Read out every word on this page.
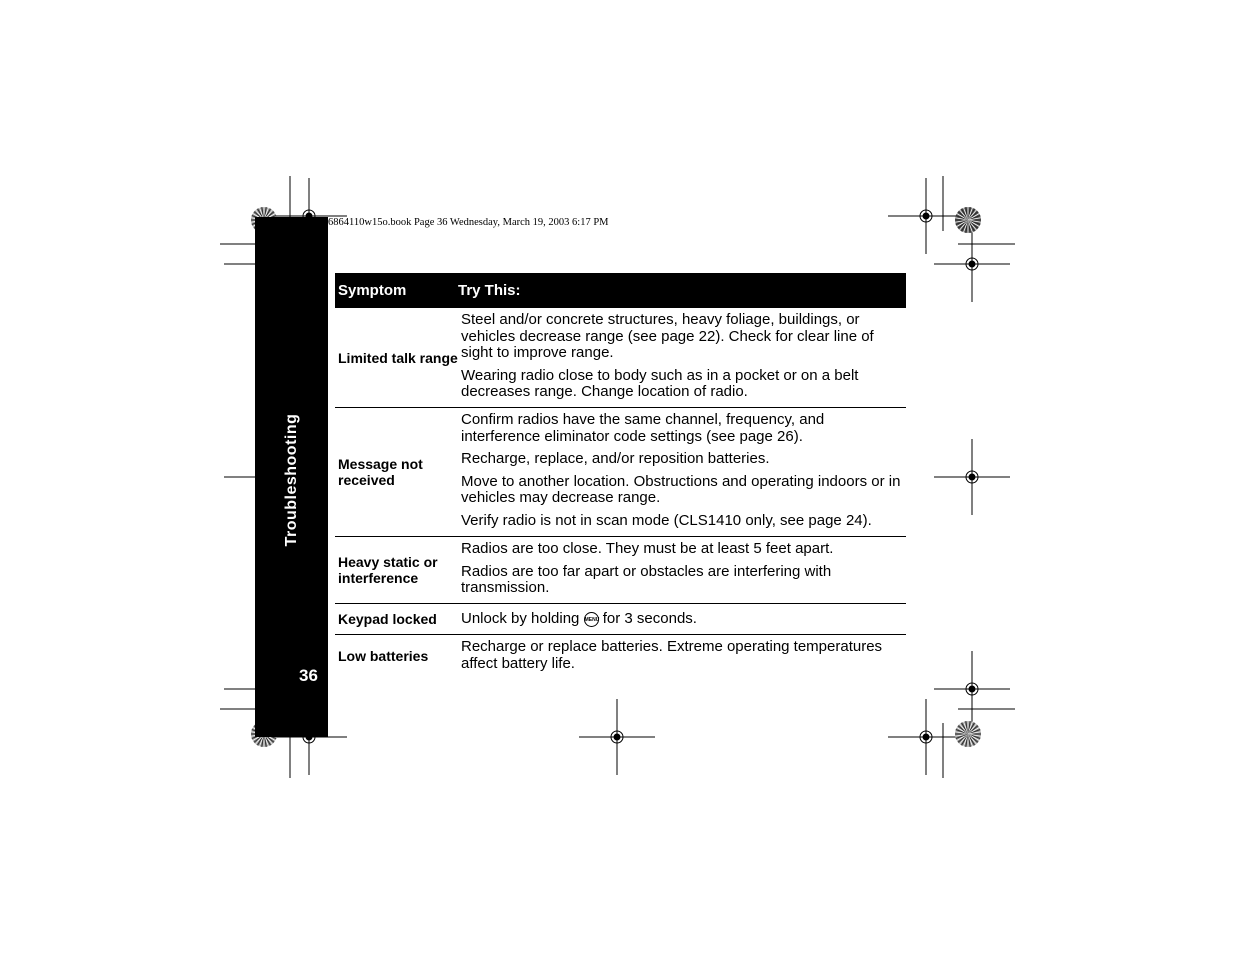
Troubleshooting
36
6864110w15o.book Page 36 Wednesday, March 19, 2003 6:17 PM
Symptom	Try This:
Limited talk range

Steel and/or concrete structures, heavy foliage, buildings, or vehicles decrease range (see page 22). Check for clear line of sight to improve range.

Wearing radio close to body such as in a pocket or on a belt decreases range. Change location of radio.

Message not received

Confirm radios have the same channel, frequency, and interference eliminator code settings (see page 26).

Recharge, replace, and/or reposition batteries.

Move to another location. Obstructions and operating indoors or in vehicles may decrease range.

Verify radio is not in scan mode (CLS1410 only, see page 24).

Heavy static or interference

Radios are too close. They must be at least 5 feet apart.

Radios are too far apart or obstacles are interfering with transmission.

Keypad locked	Unlock by holding
MENU
for 3 seconds.
Low batteries

Recharge or replace batteries. Extreme operating temperatures affect battery life.
